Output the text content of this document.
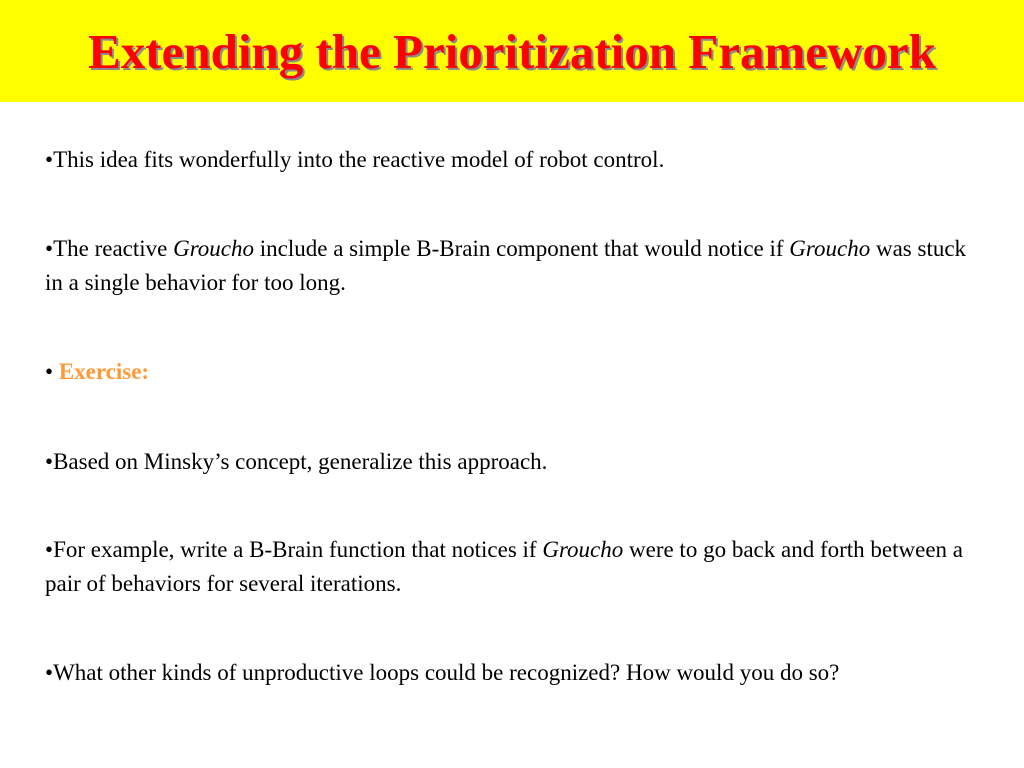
Extending the Prioritization Framework
•This idea fits wonderfully into the reactive model of robot control.
•The reactive Groucho include a simple B-Brain component that would notice if Groucho was stuck in a single behavior for too long.
• Exercise:
•Based on Minsky’s concept, generalize this approach.
•For example, write a B-Brain function that notices if Groucho were to go back and forth between a pair of behaviors for several iterations.
•What other kinds of unproductive loops could be recognized? How would you do so?
